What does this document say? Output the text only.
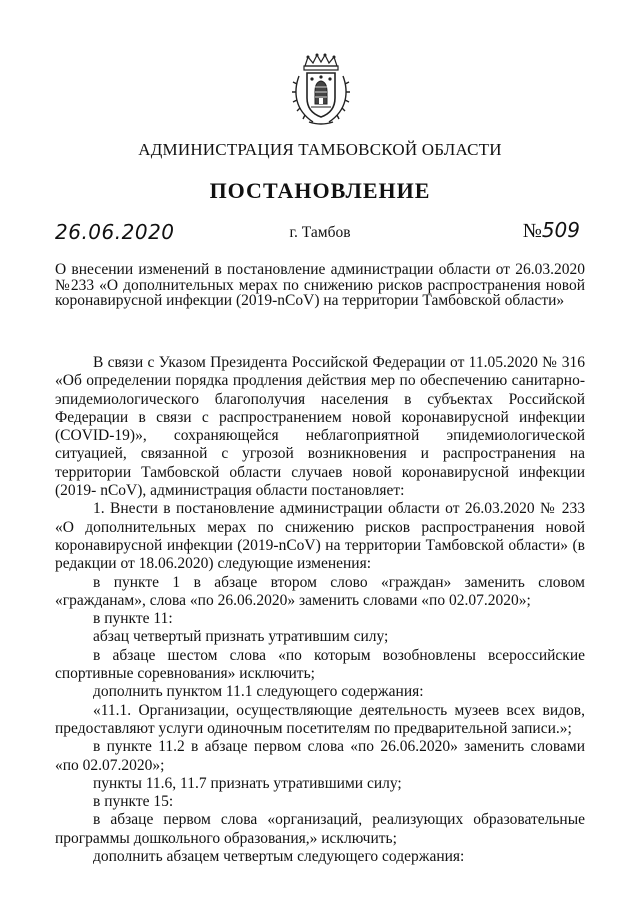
АДМИНИСТРАЦИЯ ТАМБОВСКОЙ ОБЛАСТИ
ПОСТАНОВЛЕНИЕ
26.06.2020	г. Тамбов	№509
О внесении изменений в постановление администрации области от 26.03.2020 №233 «О дополнительных мерах по снижению рисков распространения новой коронавирусной инфекции (2019-nCoV) на территории Тамбовской области»

В связи с Указом Президента Российской Федерации от 11.05.2020 № 316 «Об определении порядка продления действия мер по обеспечению санитарно-эпидемиологического благополучия населения в субъектах Российской Федерации в связи с распространением новой коронавирусной инфекции (COVID-19)», сохраняющейся неблагоприятной эпидемиологической ситуацией, связанной с угрозой возникновения и распространения на территории Тамбовской области случаев новой коронавирусной инфекции (2019- nCoV), администрация области постановляет:

1. Внести в постановление администрации области от 26.03.2020 № 233 «О дополнительных мерах по снижению рисков распространения новой коронавирусной инфекции (2019-nCoV) на территории Тамбовской области» (в редакции от 18.06.2020) следующие изменения:

в пункте 1 в абзаце втором слово «граждан» заменить словом «гражданам», слова «по 26.06.2020» заменить словами «по 02.07.2020»;

в пункте 11:

абзац четвертый признать утратившим силу;

в абзаце шестом слова «по которым возобновлены всероссийские спортивные соревнования» исключить;

дополнить пунктом 11.1 следующего содержания:

«11.1. Организации, осуществляющие деятельность музеев всех видов, предоставляют услуги одиночным посетителям по предварительной записи.»;

в пункте 11.2 в абзаце первом слова «по 26.06.2020» заменить словами «по 02.07.2020»;

пункты 11.6, 11.7 признать утратившими силу;

в пункте 15:

в абзаце первом слова «организаций, реализующих образовательные программы дошкольного образования,» исключить;

дополнить абзацем четвертым следующего содержания:
